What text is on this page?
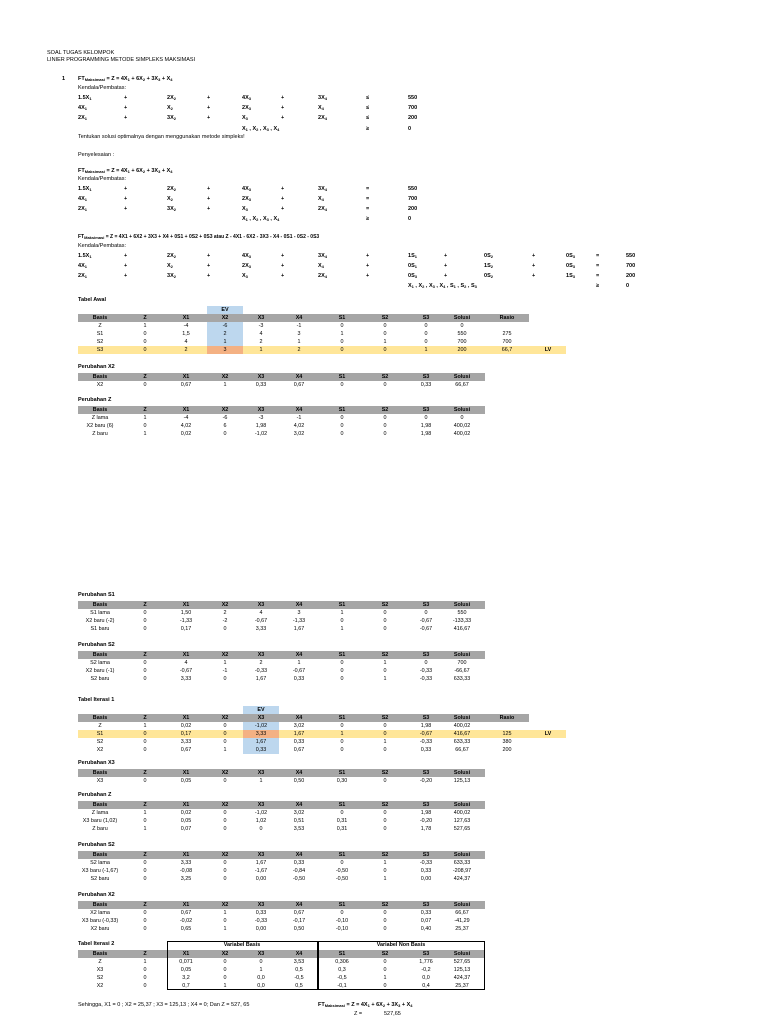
SOAL TUGAS KELOMPOK
LINIER PROGRAMMING METODE SIMPLEKS MAKSIMASI
1 $FT_{Maksimasi} = Z = 4X_1 + 6X_2 + 3X_3 + X_4$
Kendala/Pembatas:
$1.5X_1$	+	$2X_2$	+	$4X_3$	+	$3X_4$	≤	550
$4X_1$	+	$X_2$	+	$2X_3$	+	$X_4$	≤	700
$2X_1$	+	$3X_2$	+	$X_3$	+	$2X_4$	≤	200
$X_1$ , $X_2$ , $X_3$ , $X_4$	≥	0
Tentukan solusi optimalnya dengan menggunakan metode simpleks!
Penyelesaian :
$FT_{Maksimasi} = Z = 4X_1 + 6X_2 + 3X_3 + X_4$
Kendala/Pembatas:
$1.5X_1$	+	$2X_2$	+	$4X_3$	+	$3X_4$	=	550
$4X_1$	+	$X_2$	+	$2X_3$	+	$X_4$	=	700
$2X_1$	+	$3X_2$	+	$X_3$	+	$2X_4$	=	200
$X_1$ , $X_2$ , $X_3$ , $X_4$	≥	0
$FT_{Maksimasi} = Z = 4X1 + 6X2 + 3X3 + X4 + 0S1 + 0S2 + 0S3$ atau Z - 4X1 - 6X2 - 3X3 - X4 - 0S1 - 0S2 - 0S3
Kendala/Pembatas:
$1.5X_1$	+	$2X_2$	+	$4X_3$	+	$3X_4$	+	$1S_1$	+	$0S_2$	+	$0S_3$	=	550
$4X_1$	+	$X_2$	+	$2X_3$	+	$X_4$	+	$0S_1$	+	$1S_2$	+	$0S_3$	=	700
$2X_1$	+	$3X_2$	+	$X_3$	+	$2X_4$	+	$0S_3$	+	$0S_2$	+	$1S_3$	=	200
$X_1$ , $X_2$ , $X_3$ , $X_4$ , $S_1$ , $S_2$ , $S_3$	≥	0
Tabel Awal
EV
Basis	Z	X1	X2	X3	X4	S1	S2	S3	Solusi	Rasio
LV
Z	1	-4	-6	-3	-1	0	0	0	0
S1	0	1,5	2	4	3	1	0	0	550	275
S2	0	4	1	2	1	0	1	0	700	700
S3	0	2	3	1	2	0	0	1	200	66,7
Perubahan X2
Basis	Z	X1	X2	X3	X4	S1	S2	S3	Solusi
X2	0	0,67	1	0,33	0,67	0	0	0,33	66,67
Perubahan Z
Basis	Z	X1	X2	X3	X4	S1	S2	S3	Solusi
Z lama	1	-4	-6	-3	-1	0	0	0	0
X2 baru (6)	0	4,02	6	1,98	4,02	0	0	1,98	400,02
Z baru	1	0,02	0	-1,02	3,02	0	0	1,98	400,02
Perubahan S1
Basis	Z	X1	X2	X3	X4	S1	S2	S3	Solusi
S1 lama	0	1,50	2	4	3	1	0	0	550
X2 baru (-2)	0	-1,33	-2	-0,67	-1,33	0	0	-0,67	-133,33
S1 baru	0	0,17	0	3,33	1,67	1	0	-0,67	416,67
Perubahan S2
Basis	Z	X1	X2	X3	X4	S1	S2	S3	Solusi
S2 lama	0	4	1	2	1	0	1	0	700
X2 baru (-1)	0	-0,67	-1	-0,33	-0,67	0	0	-0,33	-66,67
S2 baru	0	3,33	0	1,67	0,33	0	1	-0,33	633,33
Tabel Iterasi 1
EV
Basis	Z	X1	X2	X3	X4	S1	S2	S3	Solusi	Rasio
LV
Z	1	0,02	0	-1,02	3,02	0	0	1,98	400,02
S1	0	0,17	0	3,33	1,67	1	0	-0,67	416,67	125
S2	0	3,33	0	1,67	0,33	0	1	-0,33	633,33	380
X2	0	0,67	1	0,33	0,67	0	0	0,33	66,67	200
Perubahan X3
Basis	Z	X1	X2	X3	X4	S1	S2	S3	Solusi
X3	0	0,05	0	1	0,50	0,30	0	-0,20	125,13
Perubahan Z
Basis	Z	X1	X2	X3	X4	S1	S2	S3	Solusi
Z lama	1	0,02	0	-1,02	3,02	0	0	1,98	400,02
X3 baru (1,02)	0	0,05	0	1,02	0,51	0,31	0	-0,20	127,63
Z baru	1	0,07	0	0	3,53	0,31	0	1,78	527,65
Perubahan S2
Basis	Z	X1	X2	X3	X4	S1	S2	S3	Solusi
S2 lama	0	3,33	0	1,67	0,33	0	1	-0,33	633,33
X3 baru (-1,67)	0	-0,08	0	-1,67	-0,84	-0,50	0	0,33	-208,97
S2 baru	0	3,25	0	0,00	-0,50	-0,50	1	0,00	424,37
Perubahan X2
Basis	Z	X1	X2	X3	X4	S1	S2	S3	Solusi
X2 lama	0	0,67	1	0,33	0,67	0	0	0,33	66,67
X3 baru (-0,33)	0	-0,02	0	-0,33	-0,17	-0,10	0	0,07	-41,29
X2 baru	0	0,65	1	0,00	0,50	-0,10	0	0,40	25,37
Tabel Iterasi 2
Basis	Z	X1	X2	X3	X4	S1	S2	S3	Solusi
Z	1	0,071	0	0	3,53	0,306	0	1,776	527,65
X3	0	0,05	0	1	0,5	0,3	0	-0,2	125,13
S2	0	3,2	0	0,0	-0,5	-0,5	1	0,0	424,37
X2	0	0,7	1	0,0	0,5	-0,1	0	0,4	25,37
Variabel Basis	Variabel Non Basis
Sehingga, X1 = 0 ; X2 = 25,37 ; X3 = 125,13 ; X4 = 0; Dan Z = 527, 65	$FT_{Maksimasi} = Z = 4X_1 + 6X_2 + 3X_3 + X_4$
Z =	527,65
